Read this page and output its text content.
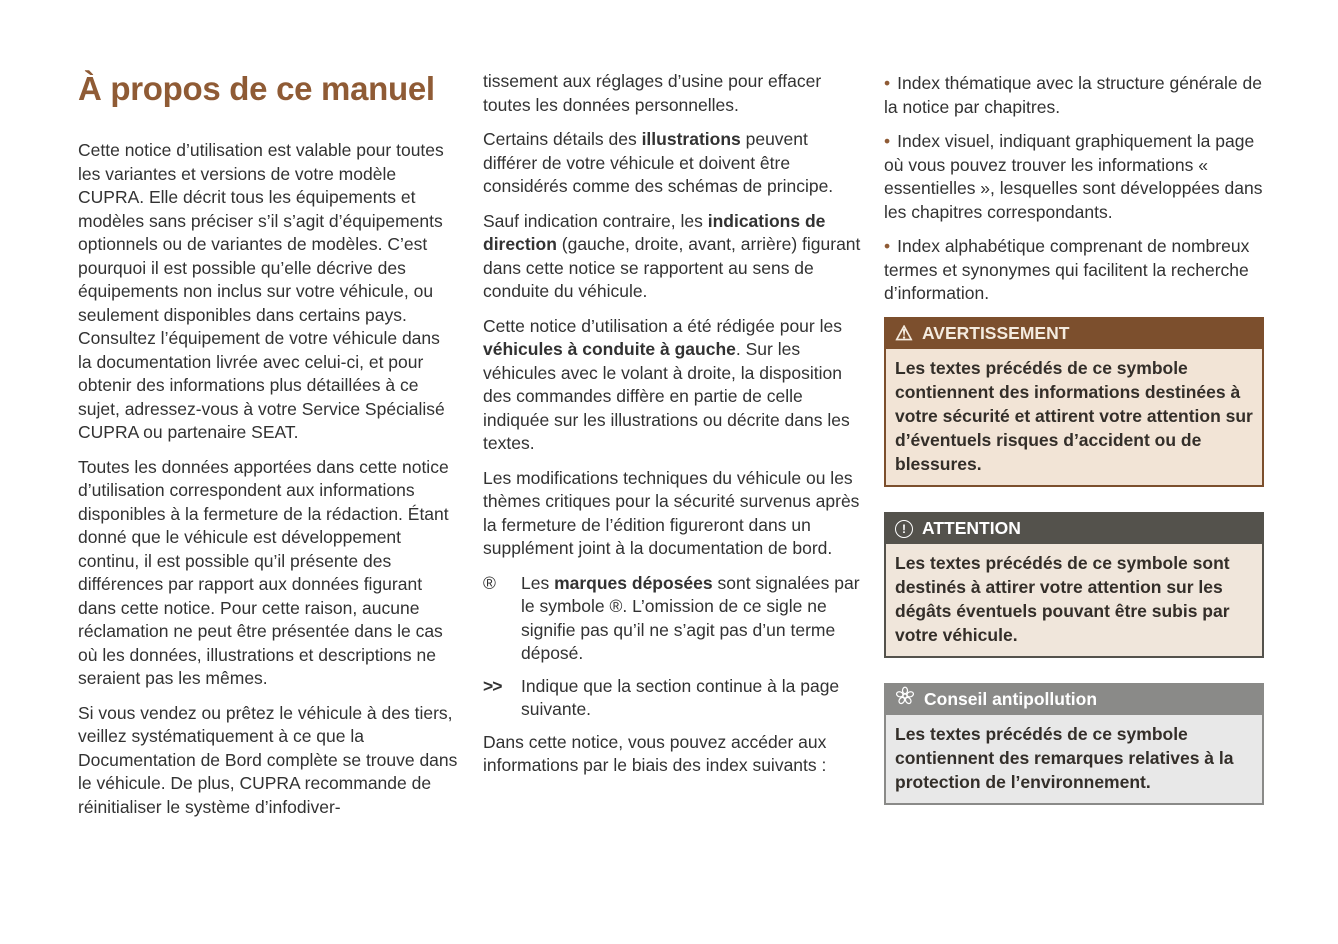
À propos de ce manuel

Cette notice d’utilisation est valable pour toutes les variantes et versions de votre modèle CUPRA. Elle décrit tous les équipements et modèles sans préciser s’il s’agit d’équipements optionnels ou de variantes de modèles. C’est pourquoi il est possible qu’elle décrive des équipements non inclus sur votre véhicule, ou seulement disponibles dans certains pays. Consultez l’équipement de votre véhicule dans la documentation livrée avec celui-ci, et pour obtenir des informations plus détaillées à ce sujet, adressez-vous à votre Service Spécialisé CUPRA ou partenaire SEAT.

Toutes les données apportées dans cette notice d’utilisation correspondent aux informations disponibles à la fermeture de la rédaction. Étant donné que le véhicule est développement continu, il est possible qu’il présente des différences par rapport aux données figurant dans cette notice. Pour cette raison, aucune réclamation ne peut être présentée dans le cas où les données, illustrations et descriptions ne seraient pas les mêmes.

Si vous vendez ou prêtez le véhicule à des tiers, veillez systématiquement à ce que la Documentation de Bord complète se trouve dans le véhicule. De plus, CUPRA recommande de réinitialiser le système d’infodiver-

tissement aux réglages d’usine pour effacer toutes les données personnelles.

Certains détails des illustrations peuvent différer de votre véhicule et doivent être considérés comme des schémas de principe.

Sauf indication contraire, les indications de direction (gauche, droite, avant, arrière) figurant dans cette notice se rapportent au sens de conduite du véhicule.

Cette notice d’utilisation a été rédigée pour les véhicules à conduite à gauche. Sur les véhicules avec le volant à droite, la disposition des commandes diffère en partie de celle indiquée sur les illustrations ou décrite dans les textes.

Les modifications techniques du véhicule ou les thèmes critiques pour la sécurité survenus après la fermeture de l’édition figureront dans un supplément joint à la documentation de bord.

®	Les marques déposées sont signalées par le symbole ®. L’omission de ce sigle ne signifie pas qu’il ne s’agit pas d’un terme déposé.
>>	Indique que la section continue à la page suivante.

Dans cette notice, vous pouvez accéder aux informations par le biais des index suivants :

• Index thématique avec la structure générale de la notice par chapitres.

• Index visuel, indiquant graphiquement la page où vous pouvez trouver les informations « essentielles », lesquelles sont développées dans les chapitres correspondants.

• Index alphabétique comprenant de nombreux termes et synonymes qui facilitent la recherche d’information.

⚠ AVERTISSEMENT
Les textes précédés de ce symbole contiennent des informations destinées à votre sécurité et attirent votre attention sur d’éventuels risques d’accident ou de blessures.
! ATTENTION
Les textes précédés de ce symbole sont destinés à attirer votre attention sur les dégâts éventuels pouvant être subis par votre véhicule.
Conseil antipollution
Les textes précédés de ce symbole contiennent des remarques relatives à la protection de l’environnement.
